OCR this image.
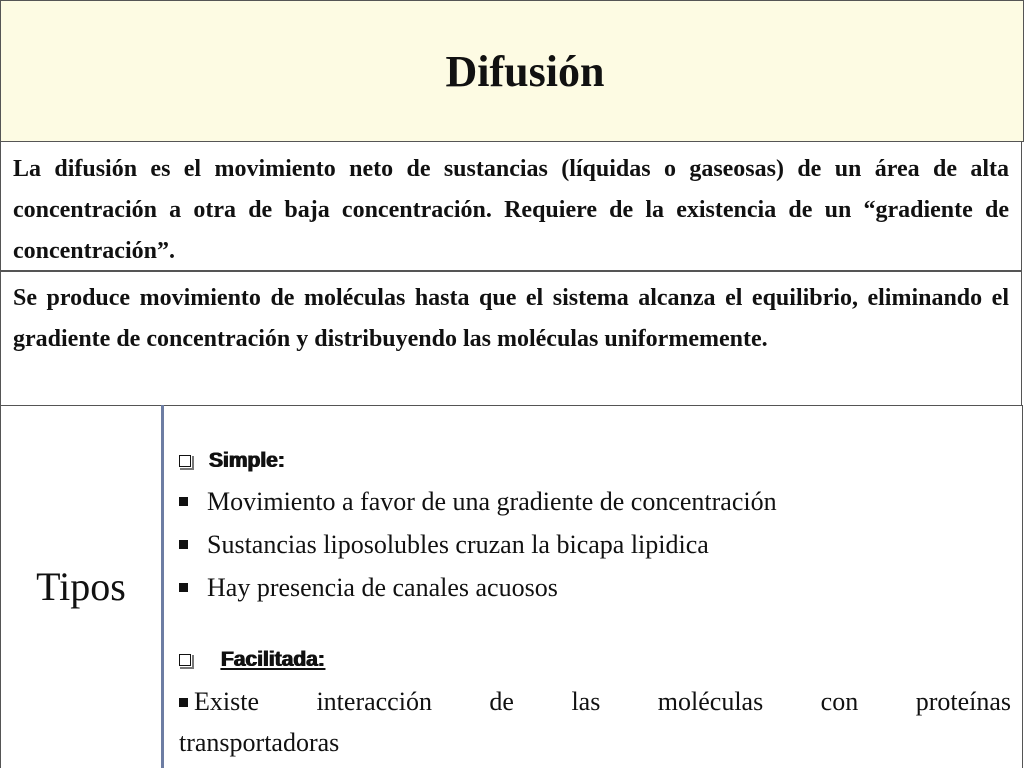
Difusión

La difusión es el movimiento neto de sustancias (líquidas o gaseosas) de un área de alta concentración a otra de baja concentración. Requiere de la existencia de un “gradiente de concentración”.

Se produce movimiento de moléculas hasta que el sistema alcanza el equilibrio, eliminando el gradiente de concentración y distribuyendo las moléculas uniformemente.

Tipos
Simple:
Movimiento a favor de una gradiente de concentración
Sustancias liposolubles cruzan la bicapa lipidica
Hay presencia de canales acuosos
Facilitada:
Existe interacción de las moléculas con proteínas
transportadoras
